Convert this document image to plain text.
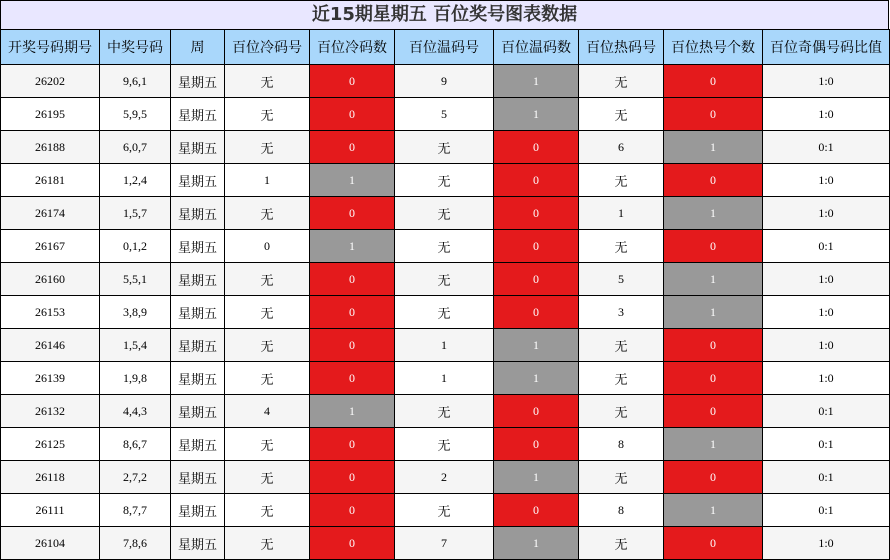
近15期星期五 百位奖号图表数据
开奖号码期号	中奖号码	周	百位冷码号	百位冷码数	百位温码号	百位温码数	百位热码号	百位热号个数	百位奇偶号码比值
26202	9,6,1	星期五	无	0	9	1	无	0	1:0
26195	5,9,5	星期五	无	0	5	1	无	0	1:0
26188	6,0,7	星期五	无	0	无	0	6	1	0:1
26181	1,2,4	星期五	1	1	无	0	无	0	1:0
26174	1,5,7	星期五	无	0	无	0	1	1	1:0
26167	0,1,2	星期五	0	1	无	0	无	0	0:1
26160	5,5,1	星期五	无	0	无	0	5	1	1:0
26153	3,8,9	星期五	无	0	无	0	3	1	1:0
26146	1,5,4	星期五	无	0	1	1	无	0	1:0
26139	1,9,8	星期五	无	0	1	1	无	0	1:0
26132	4,4,3	星期五	4	1	无	0	无	0	0:1
26125	8,6,7	星期五	无	0	无	0	8	1	0:1
26118	2,7,2	星期五	无	0	2	1	无	0	0:1
26111	8,7,7	星期五	无	0	无	0	8	1	0:1
26104	7,8,6	星期五	无	0	7	1	无	0	1:0
